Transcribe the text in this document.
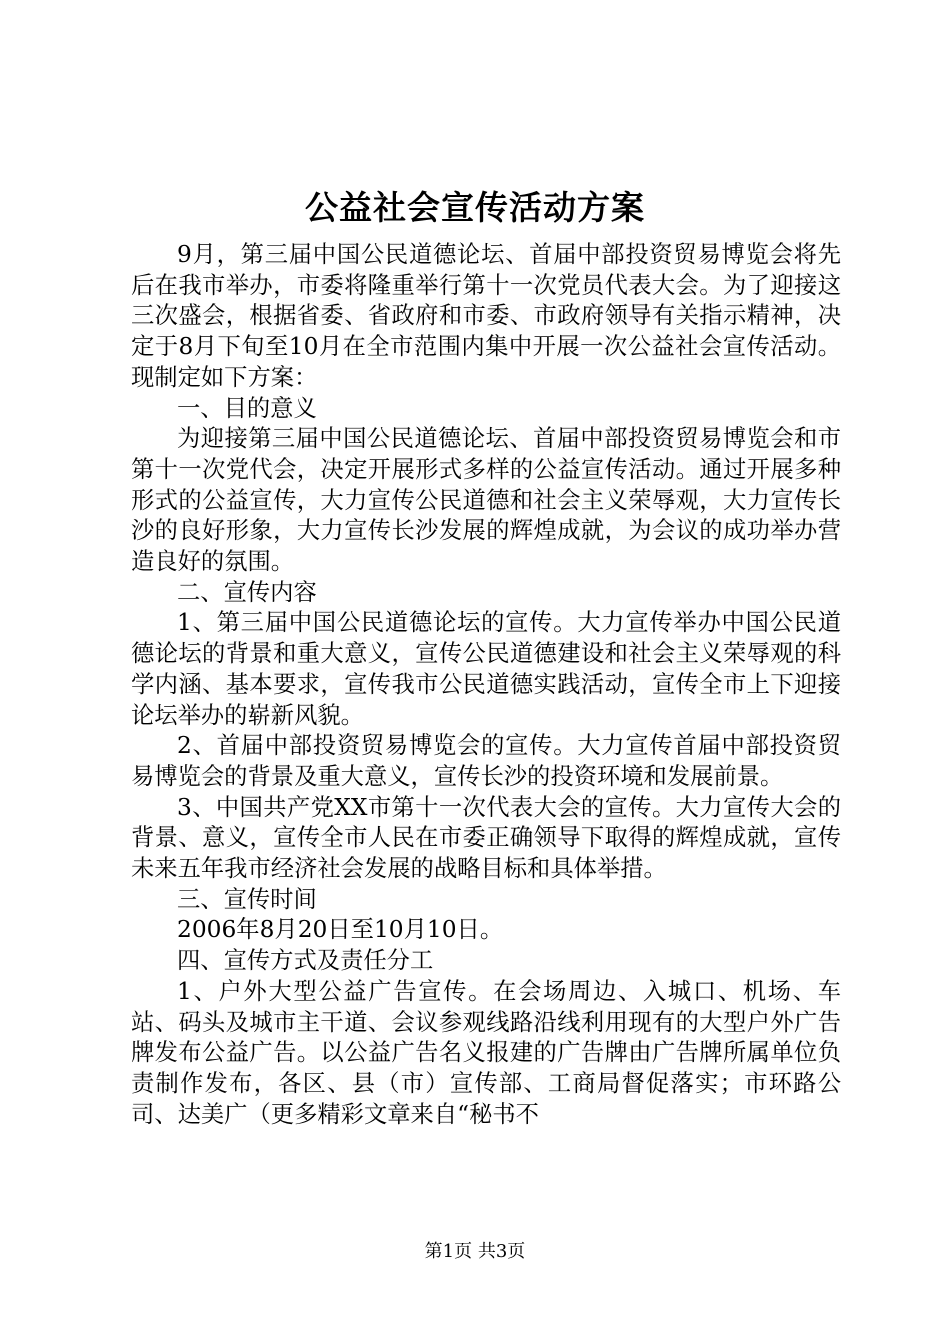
公益社会宣传活动方案

9月，第三届中国公民道德论坛、首届中部投资贸易博览会将先后在我市举办，市委将隆重举行第十一次党员代表大会。为了迎接这三次盛会，根据省委、省政府和市委、市政府领导有关指示精神，决定于8月下旬至10月在全市范围内集中开展一次公益社会宣传活动。现制定如下方案：

一、目的意义

为迎接第三届中国公民道德论坛、首届中部投资贸易博览会和市第十一次党代会，决定开展形式多样的公益宣传活动。通过开展多种形式的公益宣传，大力宣传公民道德和社会主义荣辱观，大力宣传长沙的良好形象，大力宣传长沙发展的辉煌成就，为会议的成功举办营造良好的氛围。

二、宣传内容

1、第三届中国公民道德论坛的宣传。大力宣传举办中国公民道德论坛的背景和重大意义，宣传公民道德建设和社会主义荣辱观的科学内涵、基本要求，宣传我市公民道德实践活动，宣传全市上下迎接论坛举办的崭新风貌。

2、首届中部投资贸易博览会的宣传。大力宣传首届中部投资贸易博览会的背景及重大意义，宣传长沙的投资环境和发展前景。

3、中国共产党XX市第十一次代表大会的宣传。大力宣传大会的背景、意义，宣传全市人民在市委正确领导下取得的辉煌成就，宣传未来五年我市经济社会发展的战略目标和具体举措。

三、宣传时间

2006年8月20日至10月10日。

四、宣传方式及责任分工

1、户外大型公益广告宣传。在会场周边、入城口、机场、车站、码头及城市主干道、会议参观线路沿线利用现有的大型户外广告牌发布公益广告。以公益广告名义报建的广告牌由广告牌所属单位负责制作发布，各区、县（市）宣传部、工商局督促落实；市环路公司、达美广（更多精彩文章来自“秘书不

第1页 共3页
